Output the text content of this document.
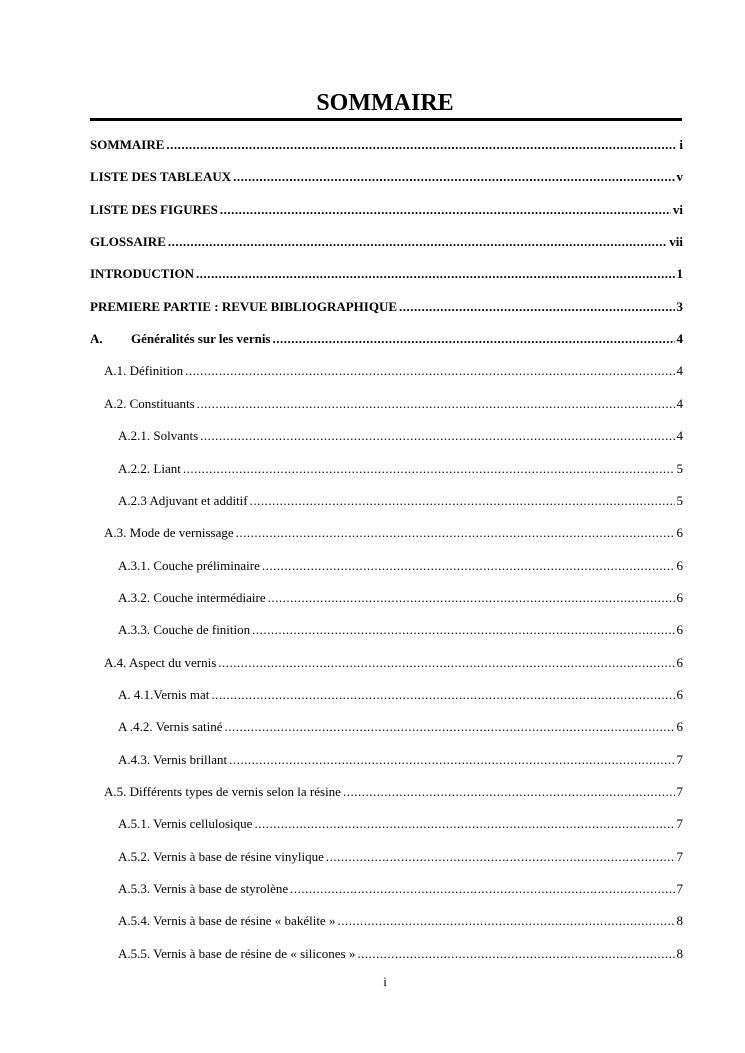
SOMMAIRE
SOMMAIRE .....	i
LISTE DES TABLEAUX .....	v
LISTE DES FIGURES .....	vi
GLOSSAIRE .....	vii
INTRODUCTION .....	1
PREMIERE PARTIE : REVUE BIBLIOGRAPHIQUE .....	3
A. Généralités sur les vernis .....	4
A.1. Définition .....	4
A.2. Constituants .....	4
A.2.1. Solvants .....	4
A.2.2. Liant .....	5
A.2.3 Adjuvant et additif .....	5
A.3. Mode de vernissage .....	6
A.3.1. Couche préliminaire .....	6
A.3.2. Couche intermédiaire .....	6
A.3.3. Couche de finition .....	6
A.4. Aspect du vernis .....	6
A. 4.1.Vernis mat .....	6
A .4.2. Vernis satiné .....	6
A.4.3. Vernis brillant .....	7
A.5. Différents types de vernis selon la résine .....	7
A.5.1. Vernis cellulosique .....	7
A.5.2. Vernis à base de résine vinylique .....	7
A.5.3. Vernis à base de styrolène .....	7
A.5.4. Vernis à base de résine « bakélite » .....	8
A.5.5. Vernis à base de résine de « silicones » .....	8
i
